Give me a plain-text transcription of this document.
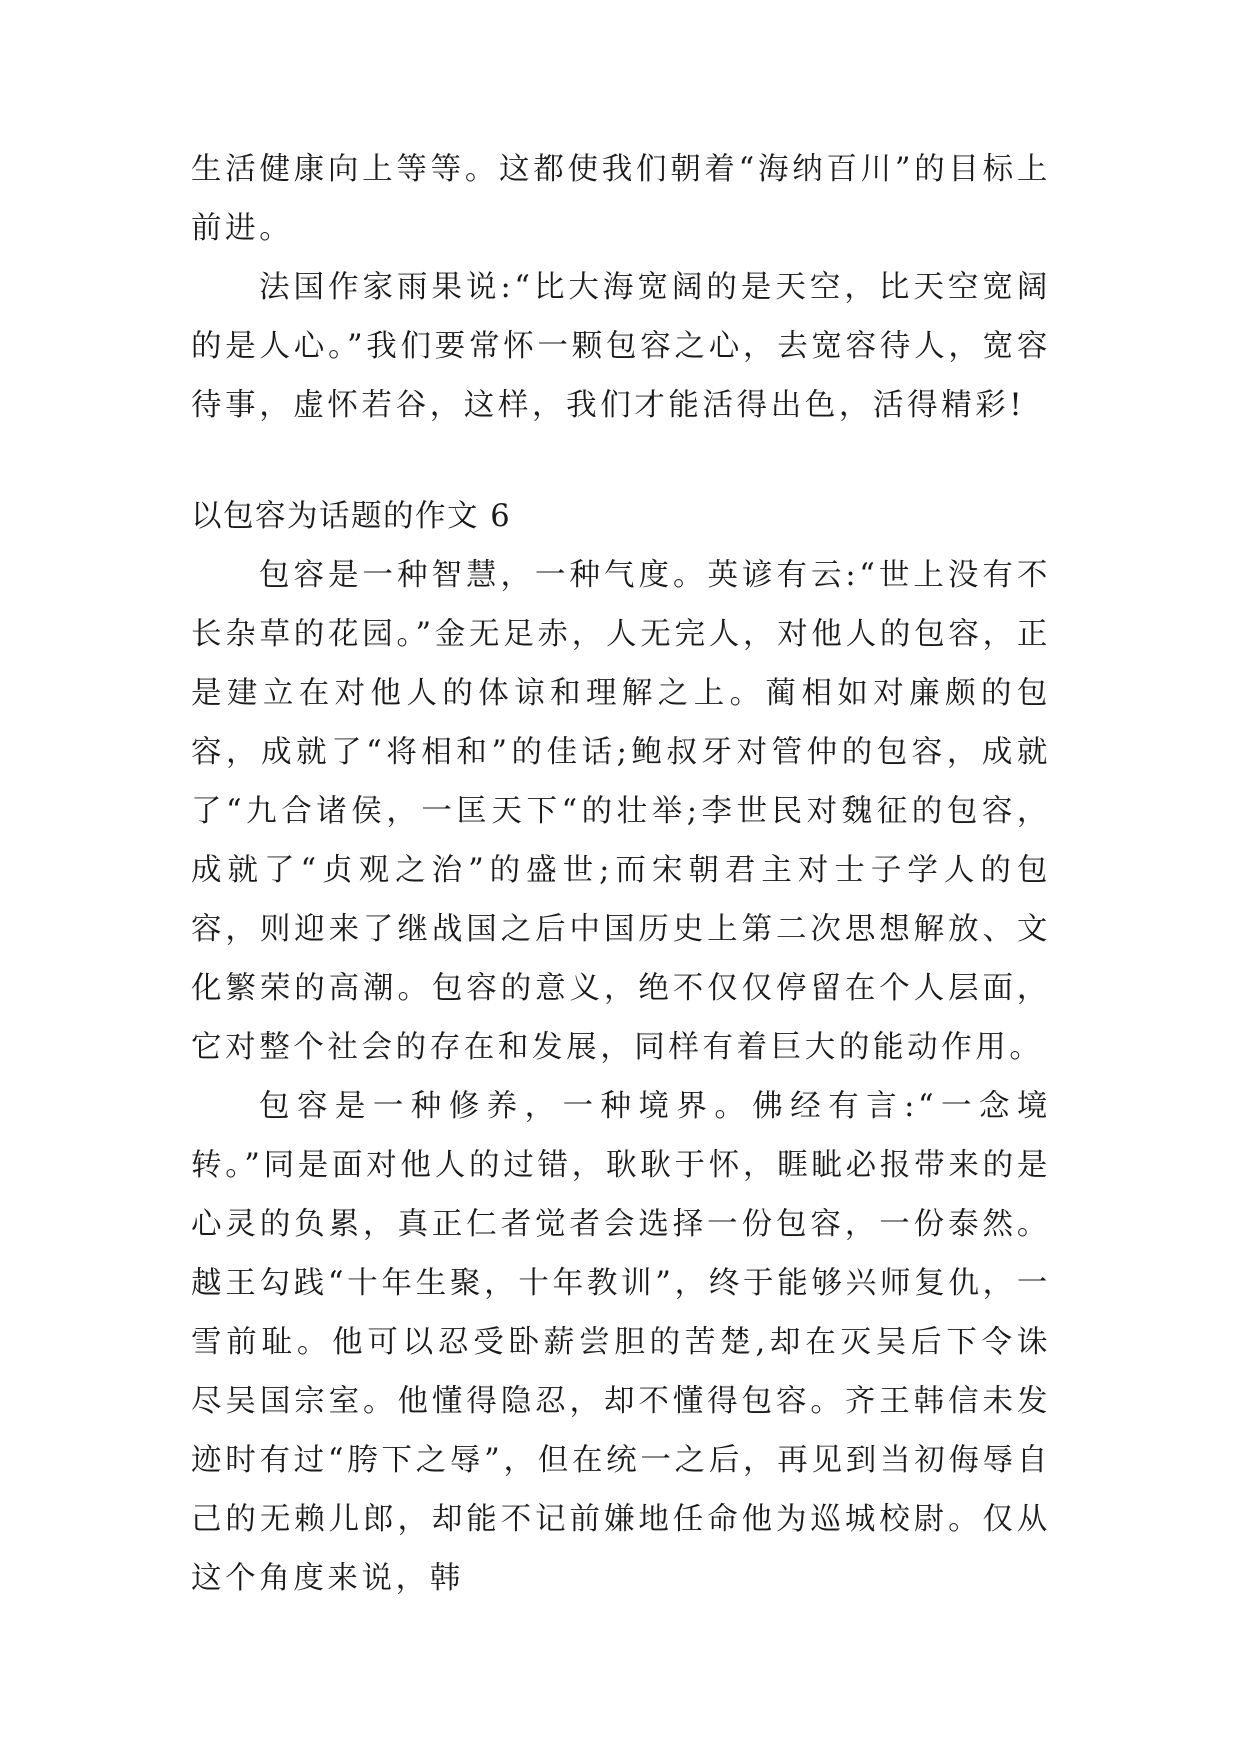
生活健康向上等等。这都使我们朝着“海纳百川”的目标上前进。

法国作家雨果说:“比大海宽阔的是天空，比天空宽阔的是人心。”我们要常怀一颗包容之心，去宽容待人，宽容待事，虚怀若谷，这样，我们才能活得出色，活得精彩!

以包容为话题的作文 6

包容是一种智慧，一种气度。英谚有云:“世上没有不长杂草的花园。”金无足赤，人无完人，对他人的包容，正是建立在对他人的体谅和理解之上。蔺相如对廉颇的包容，成就了“将相和”的佳话;鲍叔牙对管仲的包容，成就了“九合诸侯，一匡天下“的壮举;李世民对魏征的包容，成就了“贞观之治”的盛世;而宋朝君主对士子学人的包容，则迎来了继战国之后中国历史上第二次思想解放、文化繁荣的高潮。包容的意义，绝不仅仅停留在个人层面，它对整个社会的存在和发展，同样有着巨大的能动作用。

包容是一种修养，一种境界。佛经有言:“一念境转。”同是面对他人的过错，耿耿于怀，睚眦必报带来的是心灵的负累，真正仁者觉者会选择一份包容，一份泰然。越王勾践“十年生聚，十年教训”，终于能够兴师复仇，一雪前耻。他可以忍受卧薪尝胆的苦楚,却在灭吴后下令诛尽吴国宗室。他懂得隐忍，却不懂得包容。齐王韩信未发迹时有过“胯下之辱”，但在统一之后，再见到当初侮辱自己的无赖儿郎，却能不记前嫌地任命他为巡城校尉。仅从这个角度来说，韩
